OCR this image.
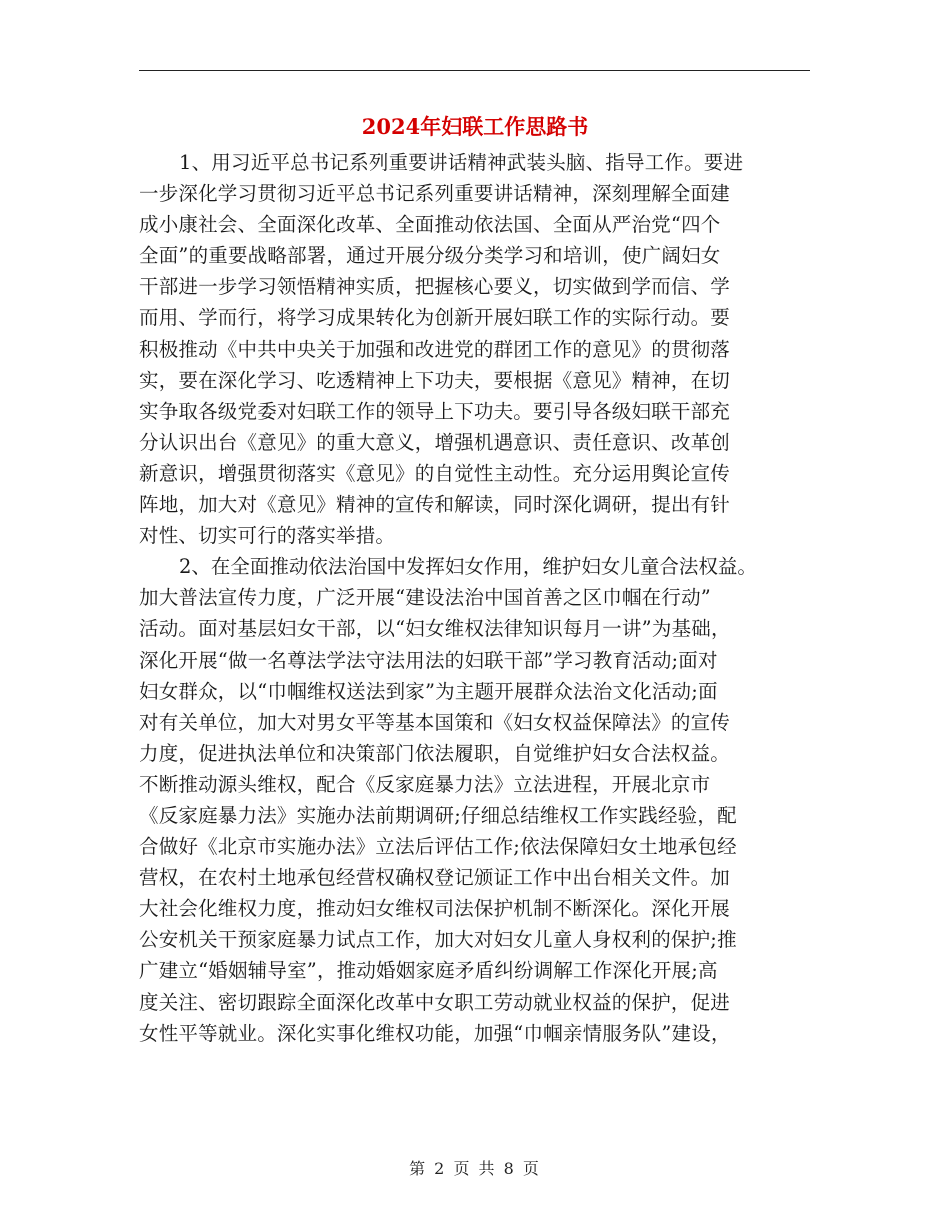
2024年妇联工作思路书
1、用习近平总书记系列重要讲话精神武装头脑、指导工作。要进
一步深化学习贯彻习近平总书记系列重要讲话精神，深刻理解全面建
成小康社会、全面深化改革、全面推动依法国、全面从严治党“四个
全面”的重要战略部署，通过开展分级分类学习和培训，使广阔妇女
干部进一步学习领悟精神实质，把握核心要义，切实做到学而信、学
而用、学而行，将学习成果转化为创新开展妇联工作的实际行动。要
积极推动《中共中央关于加强和改进党的群团工作的意见》的贯彻落
实，要在深化学习、吃透精神上下功夫，要根据《意见》精神，在切
实争取各级党委对妇联工作的领导上下功夫。要引导各级妇联干部充
分认识出台《意见》的重大意义，增强机遇意识、责任意识、改革创
新意识，增强贯彻落实《意见》的自觉性主动性。充分运用舆论宣传
阵地，加大对《意见》精神的宣传和解读，同时深化调研，提出有针
对性、切实可行的落实举措。
2、在全面推动依法治国中发挥妇女作用，维护妇女儿童合法权益。
加大普法宣传力度，广泛开展“建设法治中国首善之区巾帼在行动”
活动。面对基层妇女干部，以“妇女维权法律知识每月一讲”为基础，
深化开展“做一名尊法学法守法用法的妇联干部”学习教育活动;面对
妇女群众，以“巾帼维权送法到家”为主题开展群众法治文化活动;面
对有关单位，加大对男女平等基本国策和《妇女权益保障法》的宣传
力度，促进执法单位和决策部门依法履职，自觉维护妇女合法权益。
不断推动源头维权，配合《反家庭暴力法》立法进程，开展北京市
《反家庭暴力法》实施办法前期调研;仔细总结维权工作实践经验，配
合做好《北京市实施办法》立法后评估工作;依法保障妇女土地承包经
营权，在农村土地承包经营权确权登记颁证工作中出台相关文件。加
大社会化维权力度，推动妇女维权司法保护机制不断深化。深化开展
公安机关干预家庭暴力试点工作，加大对妇女儿童人身权利的保护;推
广建立“婚姻辅导室”，推动婚姻家庭矛盾纠纷调解工作深化开展;高
度关注、密切跟踪全面深化改革中女职工劳动就业权益的保护，促进
女性平等就业。深化实事化维权功能，加强“巾帼亲情服务队”建设，
第 2 页 共 8 页
